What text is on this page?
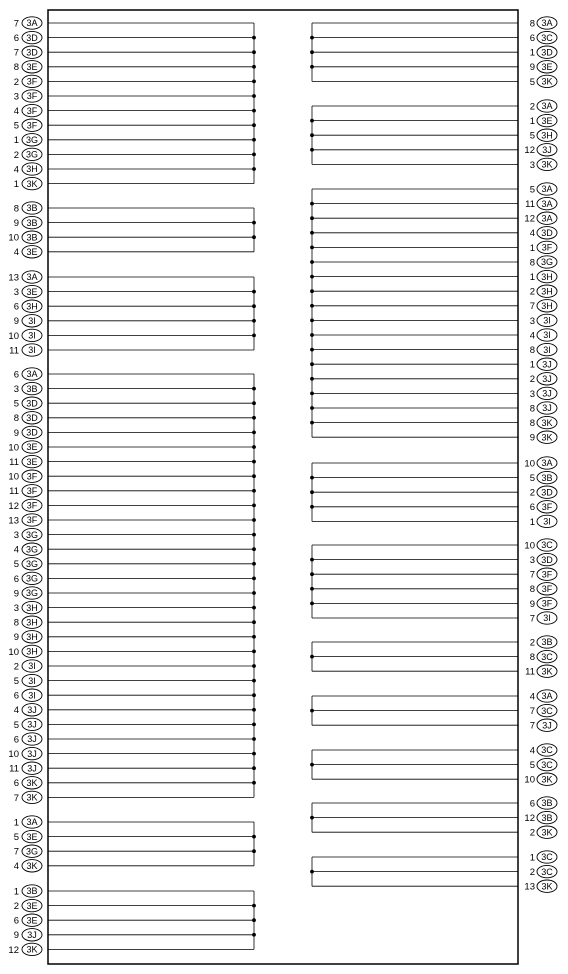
7 3A
6 3D
7 3D
8 3E
2 3F
3 3F
4 3F
5 3F
1 3G
2 3G
4 3H
1 3K
8 3B
9 3B
10 3B
4 3E
13 3A
3 3E
6 3H
9 3I
10 3I
11 3I
6 3A
3 3B
5 3D
8 3D
9 3D
10 3E
11 3E
10 3F
11 3F
12 3F
13 3F
3 3G
4 3G
5 3G
6 3G
9 3G
3 3H
8 3H
9 3H
10 3H
2 3I
5 3I
6 3I
4 3J
5 3J
6 3J
10 3J
11 3J
6 3K
7 3K
1 3A
5 3E
7 3G
4 3K
1 3B
2 3E
6 3E
9 3J
12 3K
8 3A
6 3C
1 3D
9 3E
5 3K
2 3A
1 3E
5 3H
12 3J
3 3K
5 3A
11 3A
12 3A
4 3D
1 3F
8 3G
1 3H
2 3H
7 3H
3 3I
4 3I
8 3I
1 3J
2 3J
3 3J
8 3J
8 3K
9 3K
10 3A
5 3B
2 3D
6 3F
1 3I
10 3C
3 3D
7 3F
8 3F
9 3F
7 3I
2 3B
8 3C
11 3K
4 3A
7 3C
7 3J
4 3C
5 3C
10 3K
6 3B
12 3B
2 3K
1 3C
2 3C
13 3K
